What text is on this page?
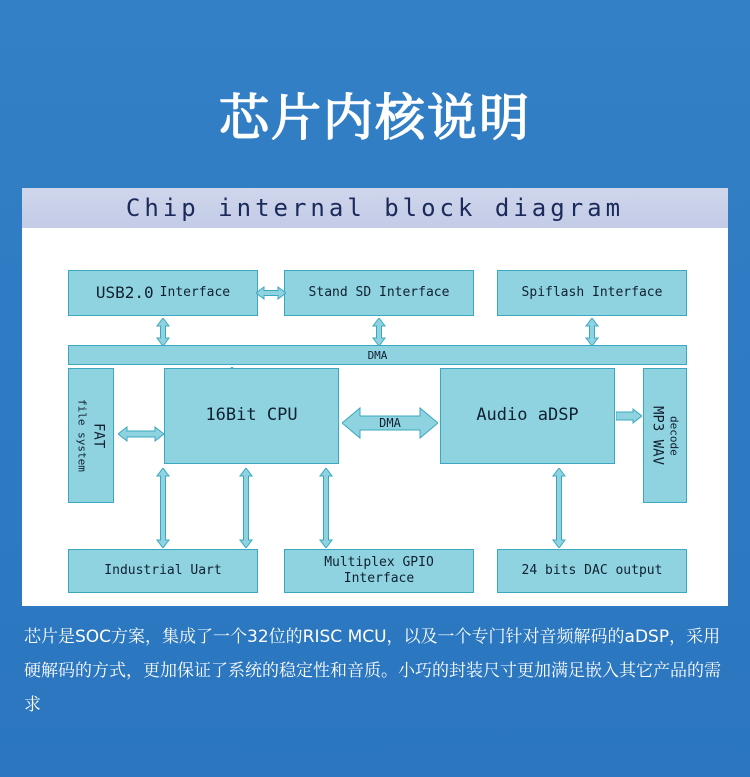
芯片内核说明
Chip internal block diagram
USB2.0 Interface	Stand SD Interface	Spiflash Interface
DMA
file system FAT
16Bit CPU	DMA	Audio aDSP	MP3 WAV decode
Industrial Uart
Multiplex GPIO
Interface
24 bits DAC output
芯片是SOC方案，集成了一个32位的RISC MCU，以及一个专门针对音频解码的aDSP，采用硬解码的方式，更加保证了系统的稳定性和音质。小巧的封装尺寸更加满足嵌入其它产品的需求
